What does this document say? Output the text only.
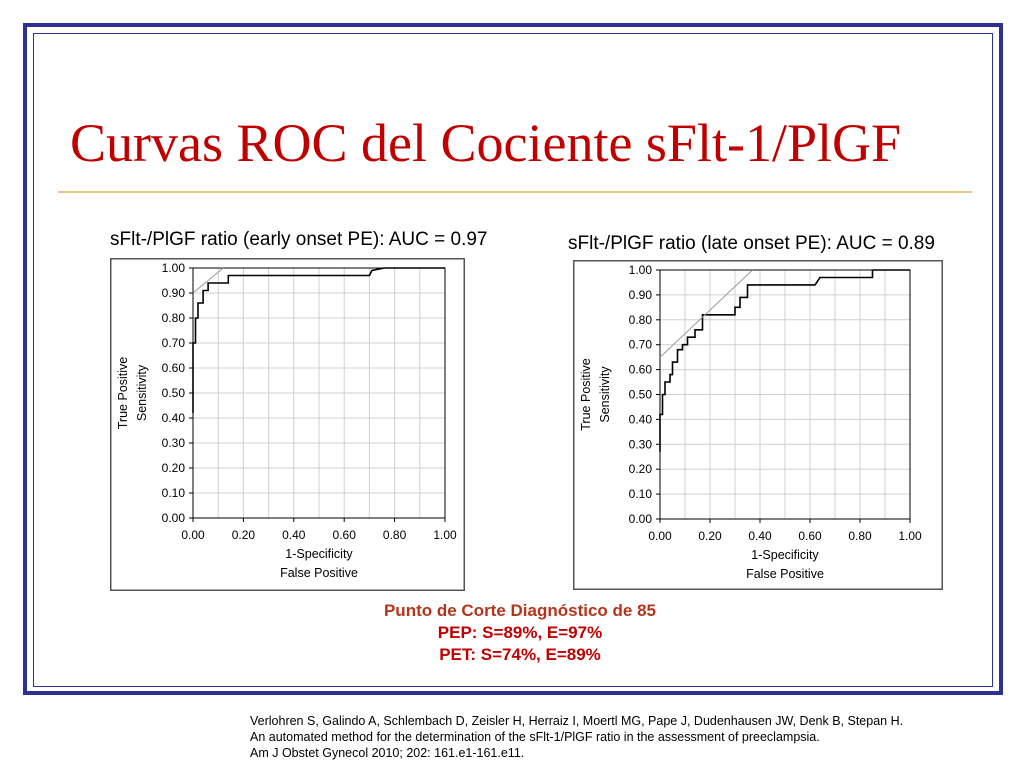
Curvas ROC del Cociente sFlt-1/PlGF
sFlt-/PlGF ratio (early onset PE): AUC = 0.97	sFlt-/PlGF ratio (late onset PE): AUC = 0.89
0.00
0.10
0.20
0.30
0.40
0.50
0.60
0.70
0.80
0.90
1.00
0.00 0.20 0.40 0.60 0.80 1.00
1-Specificity
False Positive
True Positive Sensitivity
0.00
0.10
0.20
0.30
0.40
0.50
0.60
0.70
0.80
0.90
1.00
0.00 0.20 0.40 0.60 0.80 1.00
1-Specificity
False Positive
True Positive Sensitivity
Punto de Corte Diagnóstico de 85
PEP: S=89%, E=97%
PET: S=74%, E=89%
Verlohren S, Galindo A, Schlembach D, Zeisler H, Herraiz I, Moertl MG, Pape J, Dudenhausen JW, Denk B, Stepan H.
An automated method for the determination of the sFlt-1/PlGF ratio in the assessment of preeclampsia.
Am J Obstet Gynecol 2010; 202: 161.e1-161.e11.
